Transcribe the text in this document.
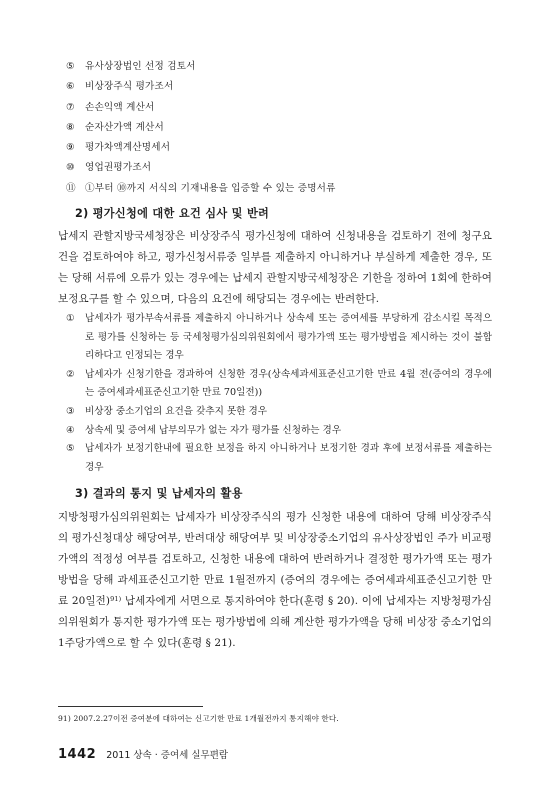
⑤ 유사상장법인 선정 검토서
⑥ 비상장주식 평가조서
⑦ 손손익액 계산서
⑧ 순자산가액 계산서
⑨ 평가차액계산명세서
⑩ 영업권평가조서
⑪ ①부터 ⑩까지 서식의 기재내용을 입증할 수 있는 증명서류
2) 평가신청에 대한 요건 심사 및 반려
납세지 관할지방국세청장은 비상장주식 평가신청에 대하여 신청내용을 검토하기 전에 청구요건을 검토하여야 하고, 평가신청서류중 일부를 제출하지 아니하거나 부실하게 제출한 경우, 또는 당해 서류에 오류가 있는 경우에는 납세지 관할지방국세청장은 기한을 정하여 1회에 한하여 보정요구를 할 수 있으며, 다음의 요건에 해당되는 경우에는 반려한다.
①	납세자가 평가부속서류를 제출하지 아니하거나 상속세 또는 증여세를 부당하게 감소시킬 목적으로 평가를 신청하는 등 국세청평가심의위원회에서 평가가액 또는 평가방법을 제시하는 것이 불합리하다고 인정되는 경우
②	납세자가 신청기한을 경과하여 신청한 경우(상속세과세표준신고기한 만료 4월 전(증여의 경우에는 증여세과세표준신고기한 만료 70일전))
③	비상장 중소기업의 요건을 갖추지 못한 경우
④	상속세 및 증여세 납부의무가 없는 자가 평가를 신청하는 경우
⑤	납세자가 보정기한내에 필요한 보정을 하지 아니하거나 보정기한 경과 후에 보정서류를 제출하는 경우
3) 결과의 통지 및 납세자의 활용
지방청평가심의위원회는 납세자가 비상장주식의 평가 신청한 내용에 대하여 당해 비상장주식의 평가신청대상 해당여부, 반려대상 해당여부 및 비상장중소기업의 유사상장법인 주가 비교평가액의 적정성 여부를 검토하고, 신청한 내용에 대하여 반려하거나 결정한 평가가액 또는 평가방법을 당해 과세표준신고기한 만료 1월전까지 (증여의 경우에는 증여세과세표준신고기한 만료 20일전)$^{91)}$ 납세자에게 서면으로 통지하여야 한다(훈령 § 20). 이에 납세자는 지방청평가심의위원회가 통지한 평가가액 또는 평가방법에 의해 계산한 평가가액을 당해 비상장 중소기업의 1주당가액으로 할 수 있다(훈령 § 21).
91) 2007.2.27이전 증여분에 대하여는 신고기한 만료 1개월전까지 통지해야 한다.
1442 2011 상속 · 증여세 실무편람
